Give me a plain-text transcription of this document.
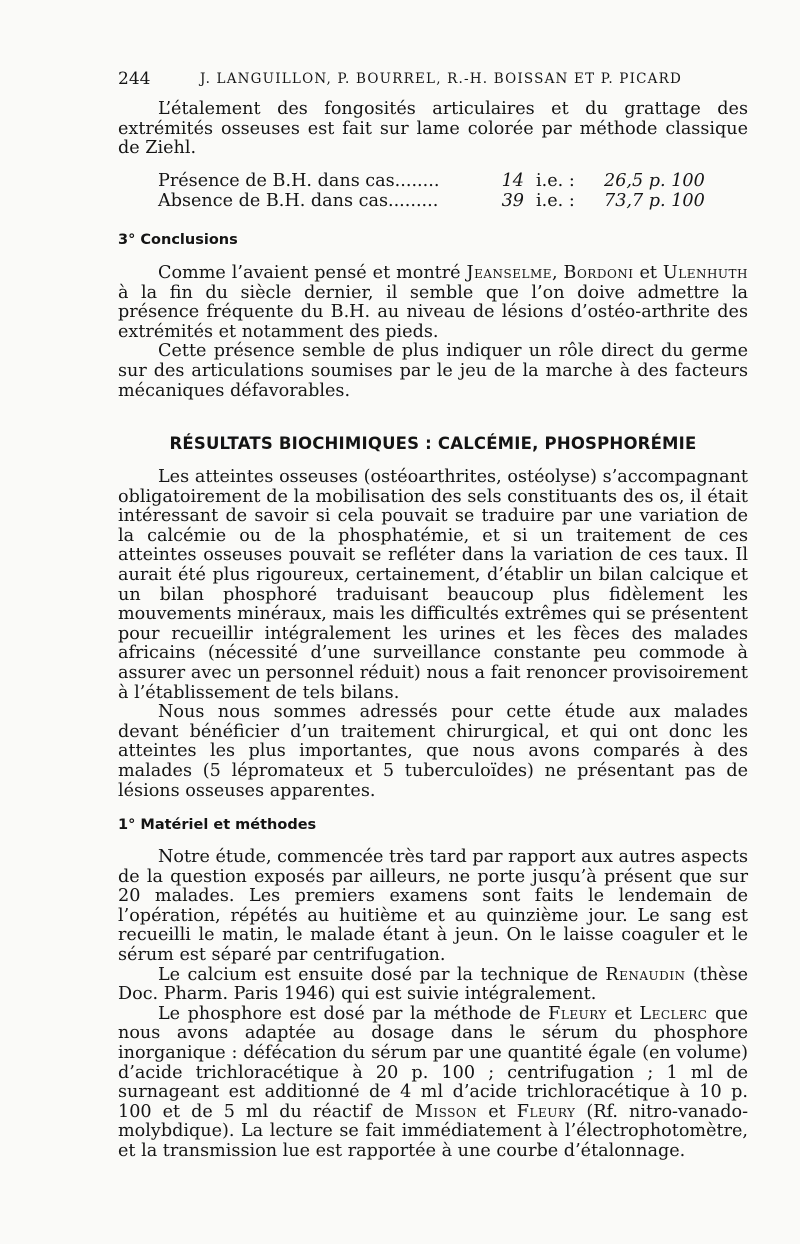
244	J. LANGUILLON, P. BOURREL, R.-H. BOISSAN ET P. PICARD

L’étalement des fongosités articulaires et du grattage des extrémités osseuses est fait sur lame colorée par méthode classique de Ziehl.

Présence de B.H. dans cas........	14 i.e. : 26,5 p. 100
Absence de B.H. dans cas.........	39 i.e. : 73,7 p. 100
3° Conclusions

Comme l’avaient pensé et montré Jeanselme, Bordoni et Ulenhuth à la fin du siècle dernier, il semble que l’on doive admettre la présence fréquente du B.H. au niveau de lésions d’ostéo-arthrite des extrémités et notamment des pieds.

Cette présence semble de plus indiquer un rôle direct du germe sur des articulations soumises par le jeu de la marche à des facteurs mécaniques défavorables.

RÉSULTATS BIOCHIMIQUES : CALCÉMIE, PHOSPHORÉMIE

Les atteintes osseuses (ostéoarthrites, ostéolyse) s’accompagnant obligatoirement de la mobilisation des sels constituants des os, il était intéressant de savoir si cela pouvait se traduire par une variation de la calcémie ou de la phosphatémie, et si un traitement de ces atteintes osseuses pouvait se refléter dans la variation de ces taux. Il aurait été plus rigoureux, certainement, d’établir un bilan calcique et un bilan phosphoré traduisant beaucoup plus fidèlement les mouvements minéraux, mais les difficultés extrêmes qui se présentent pour recueillir intégralement les urines et les fèces des malades africains (nécessité d’une surveillance constante peu commode à assurer avec un personnel réduit) nous a fait renoncer provisoirement à l’établissement de tels bilans.

Nous nous sommes adressés pour cette étude aux malades devant bénéficier d’un traitement chirurgical, et qui ont donc les atteintes les plus importantes, que nous avons comparés à des malades (5 lépromateux et 5 tuberculoïdes) ne présentant pas de lésions osseuses apparentes.

1° Matériel et méthodes

Notre étude, commencée très tard par rapport aux autres aspects de la question exposés par ailleurs, ne porte jusqu’à présent que sur 20 malades. Les premiers examens sont faits le lendemain de l’opération, répétés au huitième et au quinzième jour. Le sang est recueilli le matin, le malade étant à jeun. On le laisse coaguler et le sérum est séparé par centrifugation.

Le calcium est ensuite dosé par la technique de Renaudin (thèse Doc. Pharm. Paris 1946) qui est suivie intégralement.

Le phosphore est dosé par la méthode de Fleury et Leclerc que nous avons adaptée au dosage dans le sérum du phosphore inorganique : défécation du sérum par une quantité égale (en volume) d’acide trichloracétique à 20 p. 100 ; centrifugation ; 1 ml de surnageant est additionné de 4 ml d’acide trichloracétique à 10 p. 100 et de 5 ml du réactif de Misson et Fleury (Rf. nitro-vanado-molybdique). La lecture se fait immédiatement à l’électrophotomètre, et la transmission lue est rapportée à une courbe d’étalonnage.
